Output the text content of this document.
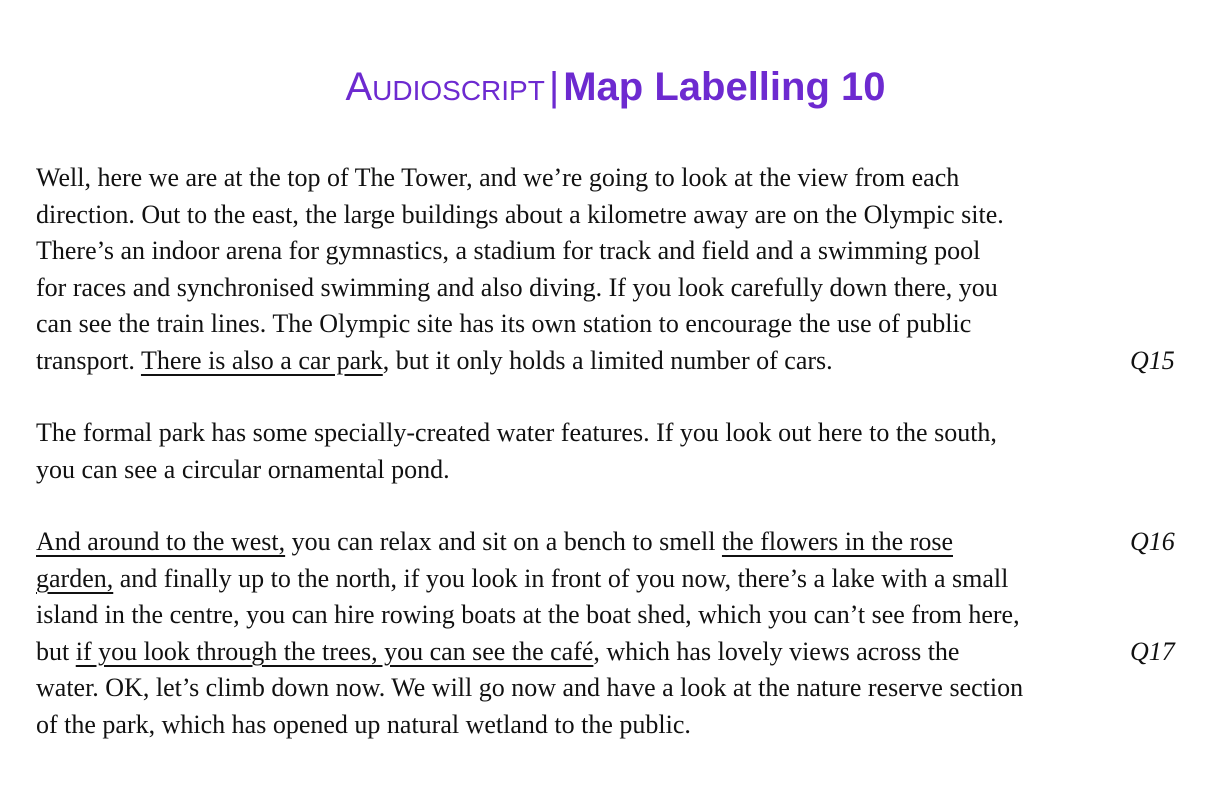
Audioscript | Map Labelling 10
Well, here we are at the top of The Tower, and we’re going to look at the view from each
direction. Out to the east, the large buildings about a kilometre away are on the Olympic site.
There’s an indoor arena for gymnastics, a stadium for track and field and a swimming pool
for races and synchronised swimming and also diving. If you look carefully down there, you
can see the train lines. The Olympic site has its own station to encourage the use of public
transport. There is also a car park, but it only holds a limited number of cars.	Q15
The formal park has some specially-created water features. If you look out here to the south,
you can see a circular ornamental pond.
And around to the west, you can relax and sit on a bench to smell the flowers in the rose	Q16
garden, and finally up to the north, if you look in front of you now, there’s a lake with a small
island in the centre, you can hire rowing boats at the boat shed, which you can’t see from here,
but if you look through the trees, you can see the café, which has lovely views across the	Q17
water. OK, let’s climb down now. We will go now and have a look at the nature reserve section
of the park, which has opened up natural wetland to the public.
